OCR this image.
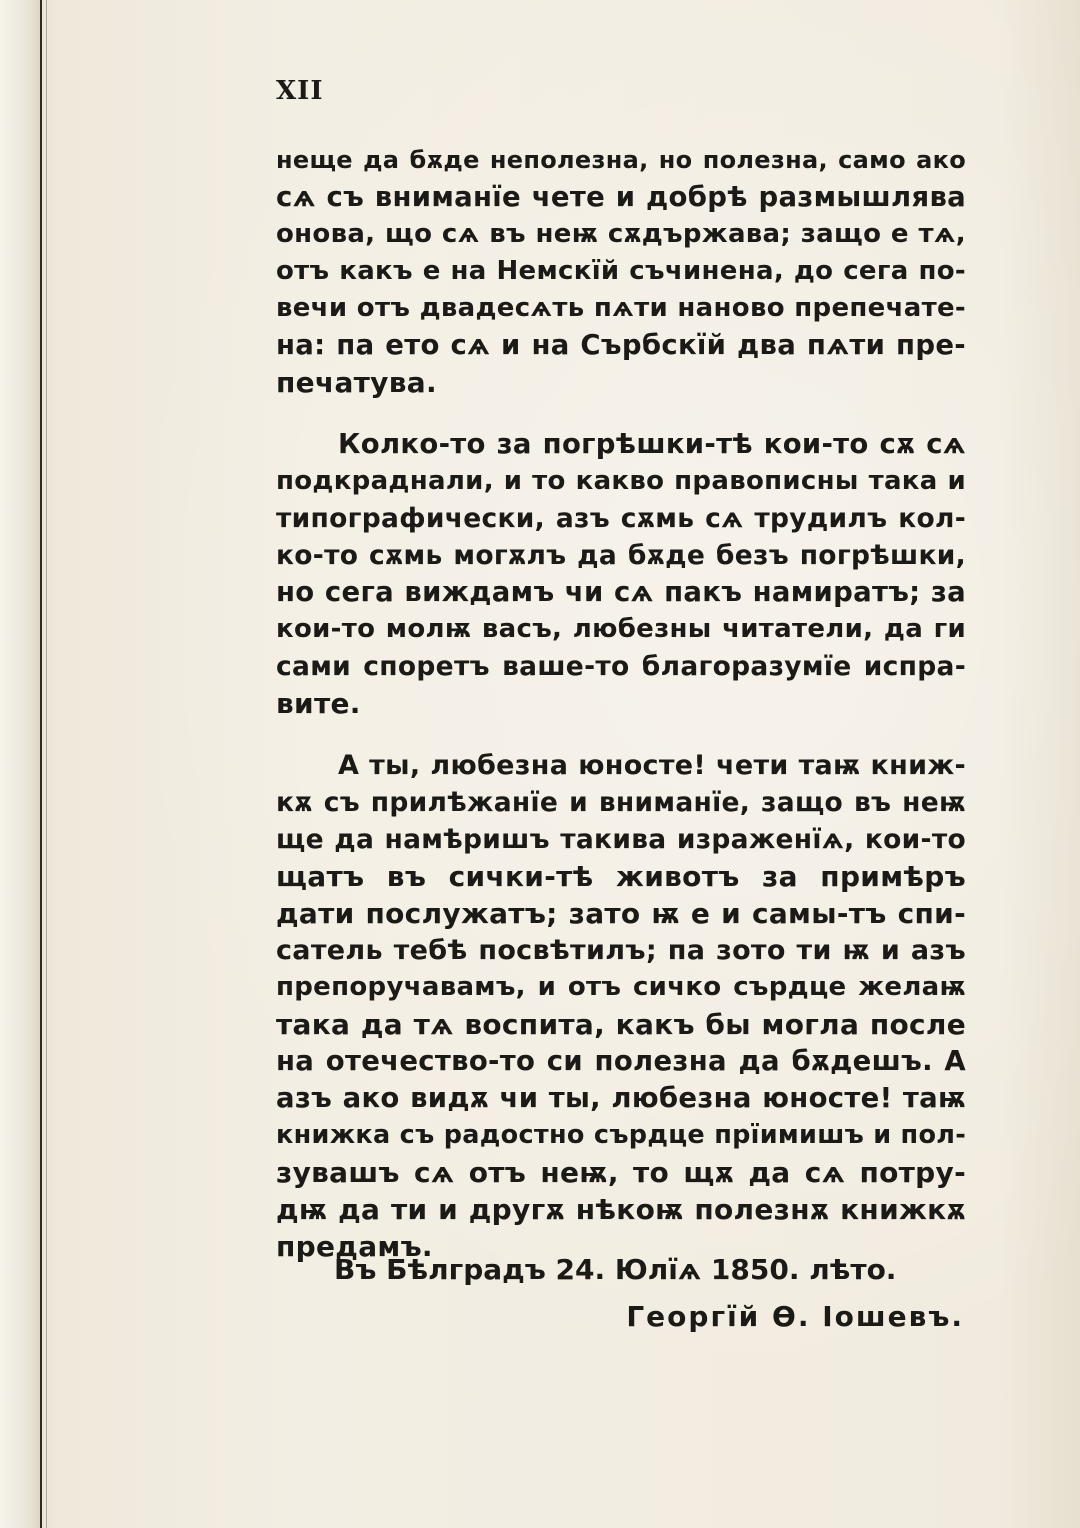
XII
неще да бѫде неполезна, но полезна, само ако
сѧ съ вниманїе чете и добрѣ размышлява
онова, що сѧ въ неѭ сѫдържава; защо е тѧ,
отъ какъ е на Немскїй съчинена, до сега по-
вечи отъ двадесѧть пѧти наново препечате-
на: па ето сѧ и на Сърбскїй два пѧти пре-
печатува.
Колко-то за погрѣшки-тѣ кои-то сѫ сѧ
подкраднали, и то какво правописны така и
типографически, азъ сѫмь сѧ трудилъ кол-
ко-то сѫмь могѫлъ да бѫде безъ погрѣшки,
но сега виждамъ чи сѧ пакъ намиратъ; за
кои-то молѭ васъ, любезны читатели, да ги
сами споретъ ваше-то благоразумїе испра-
вите.
А ты, любезна юносте! чети таѭ книж-
кѫ съ прилѣжанїе и вниманїе, защо въ неѭ
ще да намѣришъ такива израженїѧ, кои-то
щатъ въ сички-тѣ животъ за примѣръ
дати послужатъ; зато ѭ е и самы-тъ спи-
сатель тебѣ посвѣтилъ; па зото ти ѭ и азъ
препоручавамъ, и отъ сичко сърдце желаѭ
така да тѧ воспита, какъ бы могла после
на отечество-то си полезна да бѫдешъ. А
азъ ако видѫ чи ты, любезна юносте! таѭ
книжка съ радостно сърдце прїимишъ и пол-
зувашъ сѧ отъ неѭ, то щѫ да сѧ потру-
дѭ да ти и другѫ нѣкоѭ полезнѫ книжкѫ
предамъ.
Въ Бѣлградъ 24. Юлїѧ 1850. лѣто.
Георгїй Ѳ. Іошевъ.
